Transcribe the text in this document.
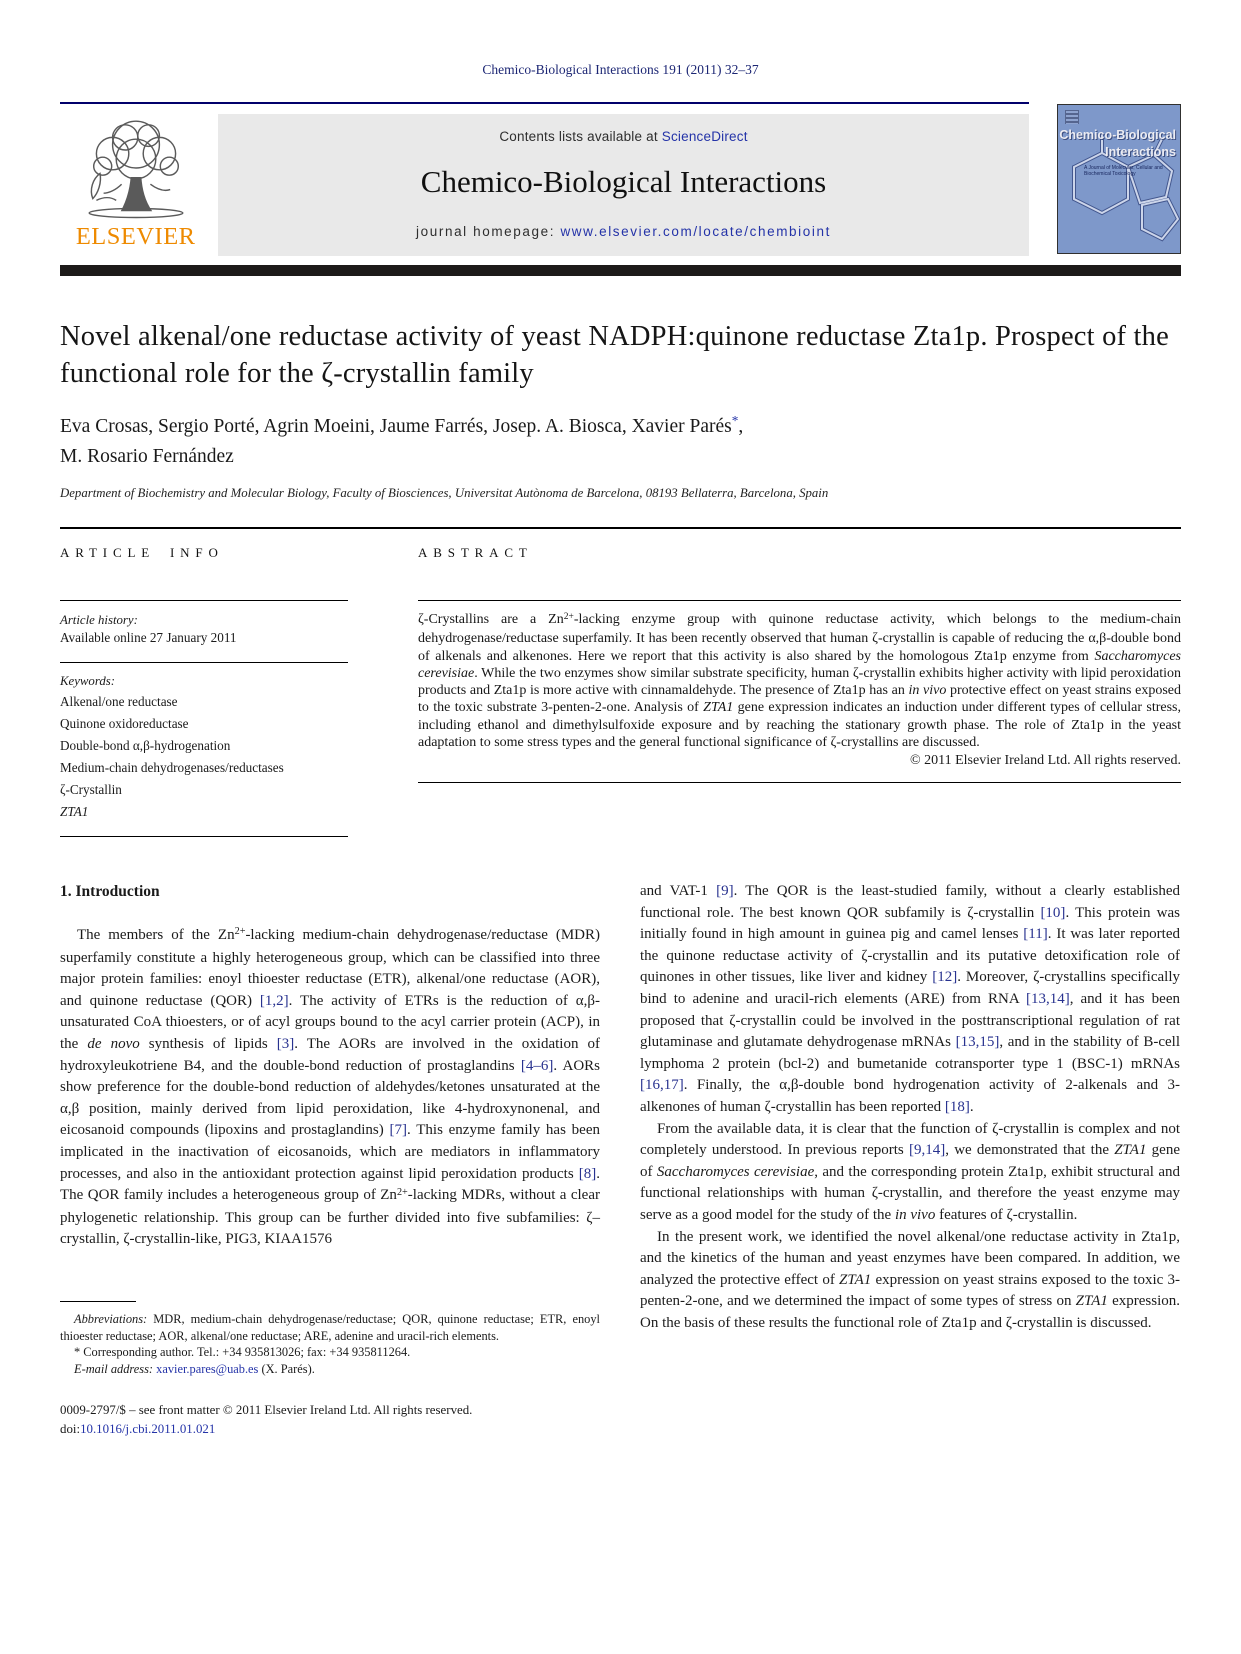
Chemico-Biological Interactions 191 (2011) 32–37
ELSEVIER
Contents lists available at ScienceDirect
Chemico-Biological Interactions
journal homepage: www.elsevier.com/locate/chembioint
Chemico-Biological
Interactions
A Journal of Molecular, Cellular and Biochemical Toxicology
Novel alkenal/one reductase activity of yeast NADPH:quinone reductase Zta1p. Prospect of the functional role for the ζ-crystallin family
Eva Crosas, Sergio Porté, Agrin Moeini, Jaume Farrés, Josep. A. Biosca, Xavier Parés*,
M. Rosario Fernández
Department of Biochemistry and Molecular Biology, Faculty of Biosciences, Universitat Autònoma de Barcelona, 08193 Bellaterra, Barcelona, Spain
ARTICLE INFO
Article history:
Available online 27 January 2011
Keywords:
Alkenal/one reductase
Quinone oxidoreductase
Double-bond α,β-hydrogenation
Medium-chain dehydrogenases/reductases
ζ-Crystallin
ZTA1
ABSTRACT
ζ-Crystallins are a $Zn^{2+}$-lacking enzyme group with quinone reductase activity, which belongs to the medium-chain dehydrogenase/reductase superfamily. It has been recently observed that human ζ-crystallin is capable of reducing the α,β-double bond of alkenals and alkenones. Here we report that this activity is also shared by the homologous Zta1p enzyme from Saccharomyces cerevisiae. While the two enzymes show similar substrate specificity, human ζ-crystallin exhibits higher activity with lipid peroxidation products and Zta1p is more active with cinnamaldehyde. The presence of Zta1p has an in vivo protective effect on yeast strains exposed to the toxic substrate 3-penten-2-one. Analysis of ZTA1 gene expression indicates an induction under different types of cellular stress, including ethanol and dimethylsulfoxide exposure and by reaching the stationary growth phase. The role of Zta1p in the yeast adaptation to some stress types and the general functional significance of ζ-crystallins are discussed.
© 2011 Elsevier Ireland Ltd. All rights reserved.
1. Introduction
The members of the $Zn^{2+}$-lacking medium-chain dehydrogenase/reductase (MDR) superfamily constitute a highly heterogeneous group, which can be classified into three major protein families: enoyl thioester reductase (ETR), alkenal/one reductase (AOR), and quinone reductase (QOR) [1,2]. The activity of ETRs is the reduction of α,β-unsaturated CoA thioesters, or of acyl groups bound to the acyl carrier protein (ACP), in the de novo synthesis of lipids [3]. The AORs are involved in the oxidation of hydroxyleukotriene B4, and the double-bond reduction of prostaglandins [4–6]. AORs show preference for the double-bond reduction of aldehydes/ketones unsaturated at the α,β position, mainly derived from lipid peroxidation, like 4-hydroxynonenal, and eicosanoid compounds (lipoxins and prostaglandins) [7]. This enzyme family has been implicated in the inactivation of eicosanoids, which are mediators in inflammatory processes, and also in the antioxidant protection against lipid peroxidation products [8]. The QOR family includes a heterogeneous group of $Zn^{2+}$-lacking MDRs, without a clear phylogenetic relationship. This group can be further divided into five subfamilies: ζ–crystallin, ζ-crystallin-like, PIG3, KIAA1576
Abbreviations: MDR, medium-chain dehydrogenase/reductase; QOR, quinone reductase; ETR, enoyl thioester reductase; AOR, alkenal/one reductase; ARE, adenine and uracil-rich elements.
* Corresponding author. Tel.: +34 935813026; fax: +34 935811264.
E-mail address: xavier.pares@uab.es (X. Parés).
0009-2797/$ – see front matter © 2011 Elsevier Ireland Ltd. All rights reserved.
doi:10.1016/j.cbi.2011.01.021
and VAT-1 [9]. The QOR is the least-studied family, without a clearly established functional role. The best known QOR subfamily is ζ-crystallin [10]. This protein was initially found in high amount in guinea pig and camel lenses [11]. It was later reported the quinone reductase activity of ζ-crystallin and its putative detoxification role of quinones in other tissues, like liver and kidney [12]. Moreover, ζ-crystallins specifically bind to adenine and uracil-rich elements (ARE) from RNA [13,14], and it has been proposed that ζ-crystallin could be involved in the posttranscriptional regulation of rat glutaminase and glutamate dehydrogenase mRNAs [13,15], and in the stability of B-cell lymphoma 2 protein (bcl-2) and bumetanide cotransporter type 1 (BSC-1) mRNAs [16,17]. Finally, the α,β-double bond hydrogenation activity of 2-alkenals and 3-alkenones of human ζ-crystallin has been reported [18].
From the available data, it is clear that the function of ζ-crystallin is complex and not completely understood. In previous reports [9,14], we demonstrated that the ZTA1 gene of Saccharomyces cerevisiae, and the corresponding protein Zta1p, exhibit structural and functional relationships with human ζ-crystallin, and therefore the yeast enzyme may serve as a good model for the study of the in vivo features of ζ-crystallin.
In the present work, we identified the novel alkenal/one reductase activity in Zta1p, and the kinetics of the human and yeast enzymes have been compared. In addition, we analyzed the protective effect of ZTA1 expression on yeast strains exposed to the toxic 3-penten-2-one, and we determined the impact of some types of stress on ZTA1 expression. On the basis of these results the functional role of Zta1p and ζ-crystallin is discussed.
